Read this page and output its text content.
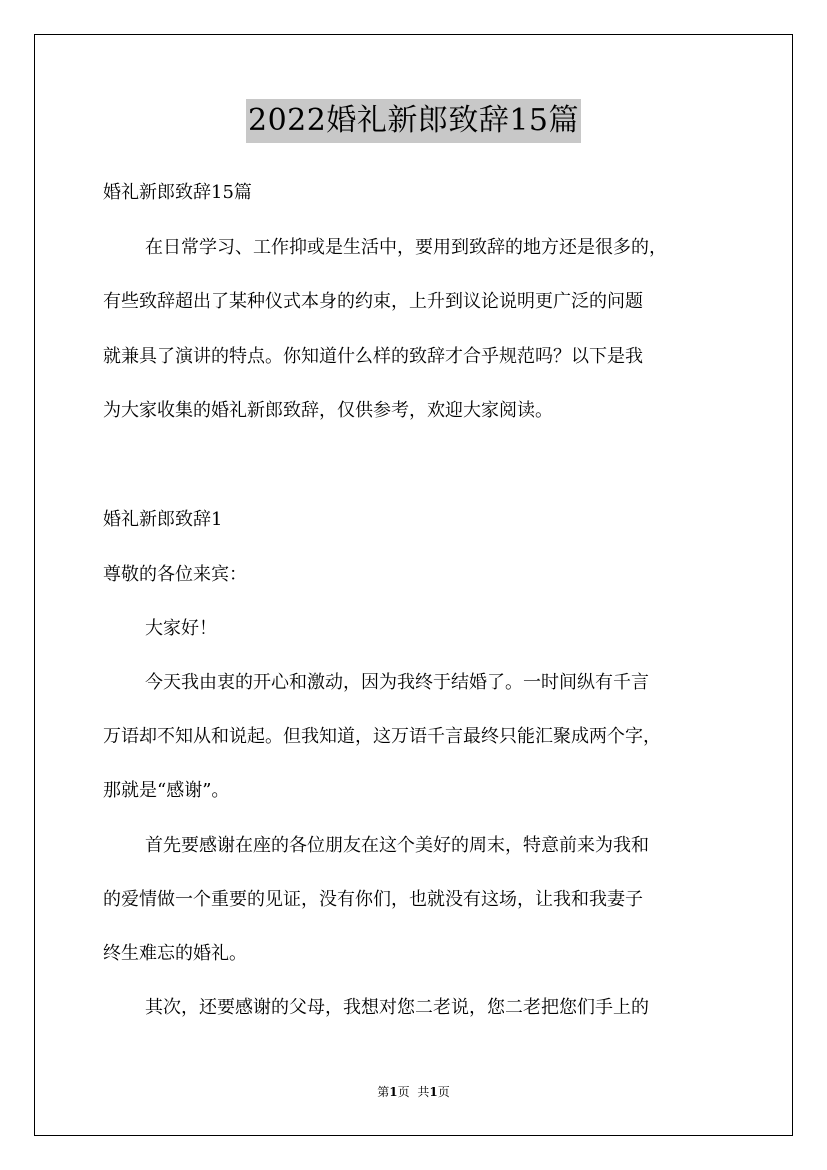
2022婚礼新郎致辞15篇
婚礼新郎致辞15篇
在日常学习、工作抑或是生活中，要用到致辞的地方还是很多的，
有些致辞超出了某种仪式本身的约束，上升到议论说明更广泛的问题
就兼具了演讲的特点。你知道什么样的致辞才合乎规范吗？以下是我
为大家收集的婚礼新郎致辞，仅供参考，欢迎大家阅读。
婚礼新郎致辞1
尊敬的各位来宾：
大家好！
今天我由衷的开心和激动，因为我终于结婚了。一时间纵有千言
万语却不知从和说起。但我知道，这万语千言最终只能汇聚成两个字，
那就是“感谢”。
首先要感谢在座的各位朋友在这个美好的周末，特意前来为我和
的爱情做一个重要的见证，没有你们，也就没有这场，让我和我妻子
终生难忘的婚礼。
其次，还要感谢的父母，我想对您二老说，您二老把您们手上的
第1页 共1页
